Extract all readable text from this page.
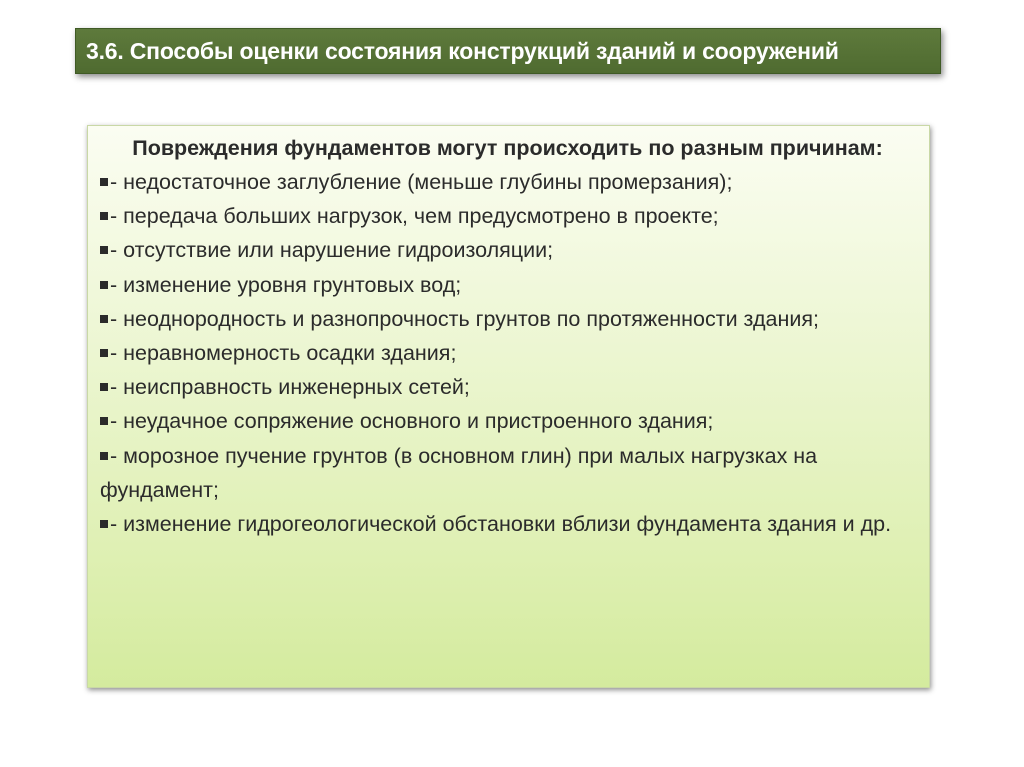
3.6. Способы оценки состояния конструкций зданий и сооружений
Повреждения фундаментов могут происходить по разным причинам:
- недостаточное заглубление (меньше глубины промерзания);
- передача больших нагрузок, чем предусмотрено в проекте;
- отсутствие или нарушение гидроизоляции;
- изменение уровня грунтовых вод;
- неоднородность и разнопрочность грунтов по протяженности здания;
- неравномерность осадки здания;
- неисправность инженерных сетей;
- неудачное сопряжение основного и пристроенного здания;
- морозное пучение грунтов (в основном глин) при малых нагрузках на фундамент;
- изменение гидрогеологической обстановки вблизи фундамента здания и др.
